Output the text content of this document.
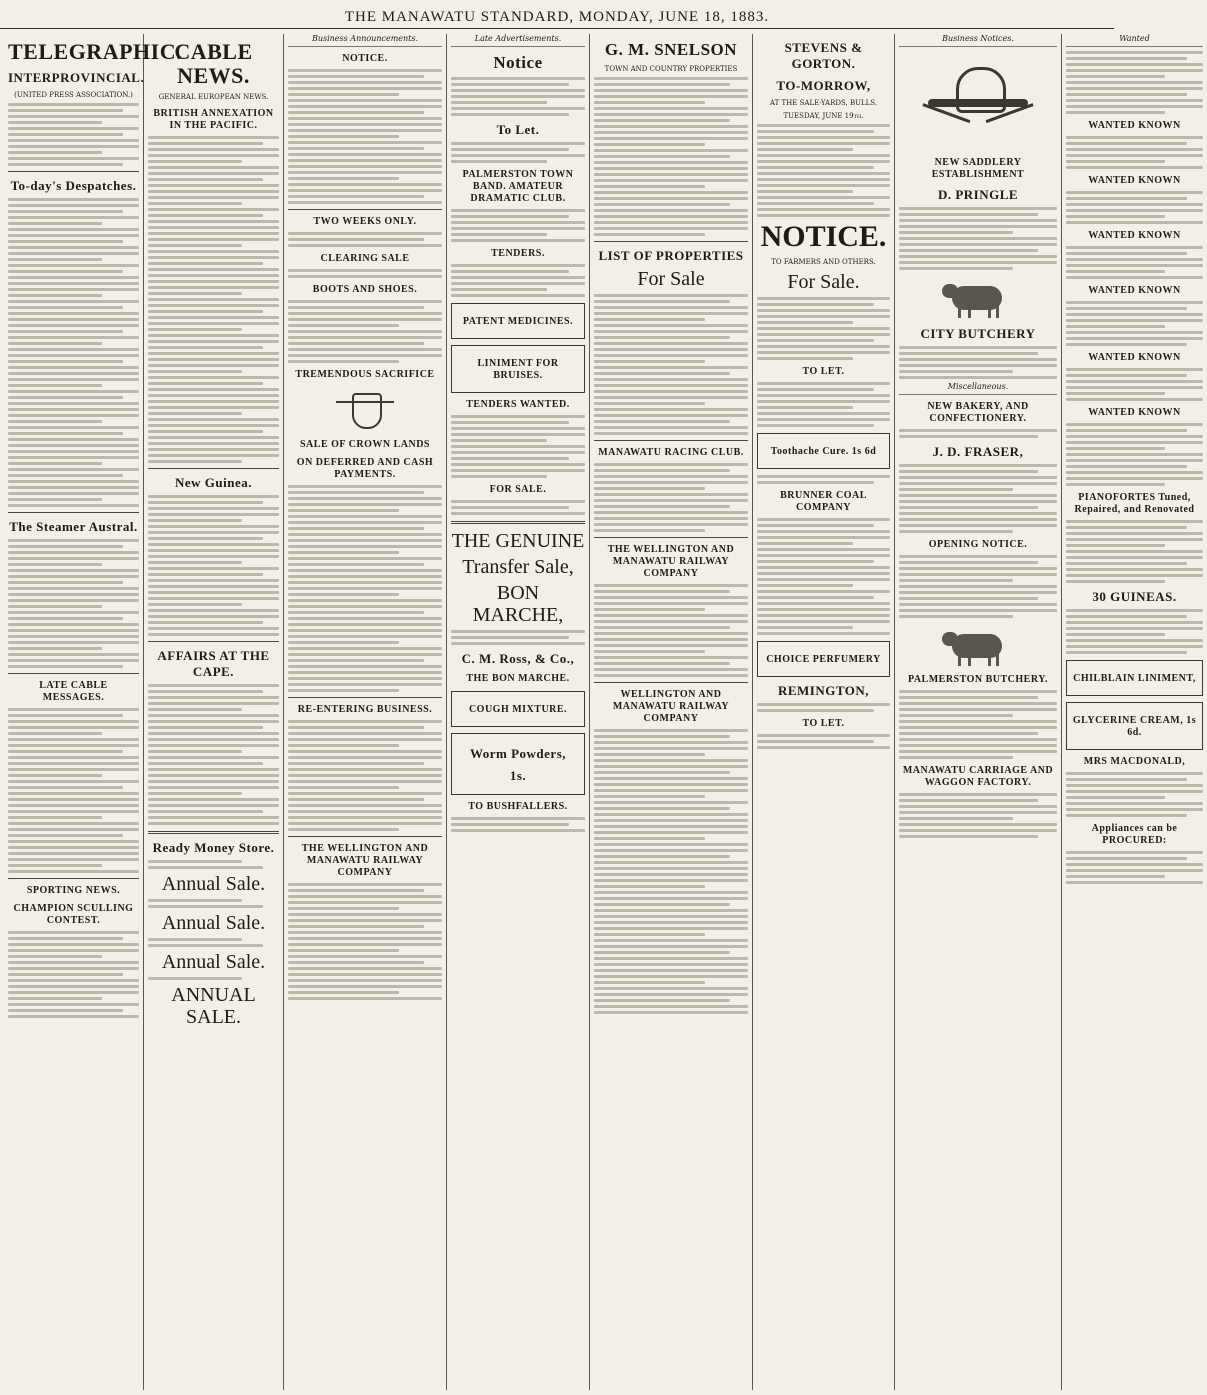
THE MANAWATU STANDARD, MONDAY, JUNE 18, 1883.
TELEGRAPHIC.
INTERPROVINCIAL.
(UNITED PRESS ASSOCIATION.)
To-day's Despatches.
The Steamer Austral.
LATE CABLE MESSAGES.
SPORTING NEWS.
CHAMPION SCULLING CONTEST.
CABLE NEWS.
GENERAL EUROPEAN NEWS.
BRITISH ANNEXATION IN THE PACIFIC.
New Guinea.
AFFAIRS AT THE CAPE.
Ready Money Store.
Annual Sale.
Annual Sale.
Annual Sale.
ANNUAL SALE.
Business Announcements.
NOTICE.
TWO WEEKS ONLY.
CLEARING SALE
BOOTS AND SHOES.
TREMENDOUS SACRIFICE
SALE OF CROWN LANDS
ON DEFERRED AND CASH PAYMENTS.
RE-ENTERING BUSINESS.
THE WELLINGTON AND MANAWATU RAILWAY COMPANY
Late Advertisements.
Notice
To Let.
PALMERSTON TOWN BAND. AMATEUR DRAMATIC CLUB.
TENDERS.
PATENT MEDICINES.
LINIMENT FOR BRUISES.
TENDERS WANTED.
FOR SALE.
THE GENUINE
Transfer Sale,
BON MARCHE,
C. M. Ross, & Co.,
THE BON MARCHE.
COUGH MIXTURE.
Worm Powders,
1s.
TO BUSHFALLERS.
G. M. SNELSON
TOWN AND COUNTRY PROPERTIES
LIST OF PROPERTIES
For Sale
MANAWATU RACING CLUB.
THE WELLINGTON AND MANAWATU RAILWAY COMPANY
WELLINGTON AND MANAWATU RAILWAY COMPANY
STEVENS & GORTON.
TO-MORROW,
AT THE SALE-YARDS, BULLS.
TUESDAY, JUNE 19th.
NOTICE.
TO FARMERS AND OTHERS.
For Sale.
TO LET.
Toothache Cure. 1s 6d
BRUNNER COAL COMPANY
CHOICE PERFUMERY
REMINGTON,
TO LET.
Business Notices.
NEW SADDLERY ESTABLISHMENT
D. PRINGLE
CITY BUTCHERY
Miscellaneous.
NEW BAKERY, AND CONFECTIONERY.
J. D. FRASER,
OPENING NOTICE.
PALMERSTON BUTCHERY.
MANAWATU CARRIAGE AND WAGGON FACTORY.
Wanted
WANTED KNOWN
WANTED KNOWN
WANTED KNOWN
WANTED KNOWN
WANTED KNOWN
WANTED KNOWN
PIANOFORTES Tuned, Repaired, and Renovated
30 GUINEAS.
CHILBLAIN LINIMENT,
GLYCERINE CREAM, 1s 6d.
MRS MACDONALD,
Appliances can be PROCURED:
